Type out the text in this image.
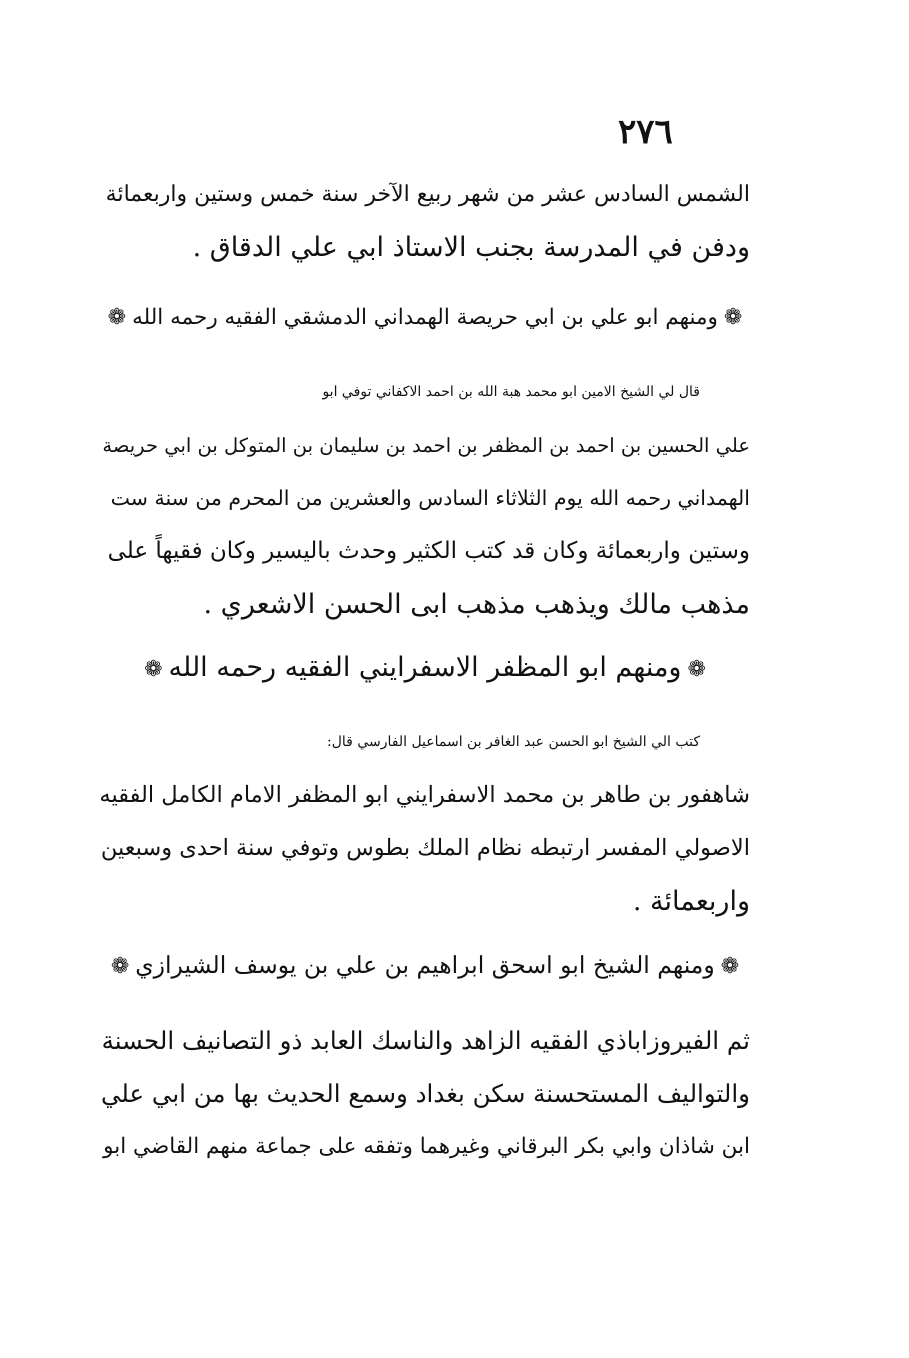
٢٧٦
الشمس السادس عشر من شهر ربيع الآخر سنة خمس وستين واربعمائة
ودفن في المدرسة بجنب الاستاذ ابي علي الدقاق .
❁ومنهم ابو علي بن ابي حريصة الهمداني الدمشقي الفقيه رحمه الله❁
قال لي الشيخ الامين ابو محمد هبة الله بن احمد الاكفاني توفي ابو
علي الحسين بن احمد بن المظفر بن احمد بن سليمان بن المتوكل بن ابي حريصة
الهمداني رحمه الله يوم الثلاثاء السادس والعشرين من المحرم من سنة ست
وستين واربعمائة وكان قد كتب الكثير وحدث باليسير وكان فقيهاً على
مذهب مالك ويذهب مذهب ابى الحسن الاشعري .
❁ومنهم ابو المظفر الاسفرايني الفقيه رحمه الله❁
كتب الي الشيخ ابو الحسن عبد الغافر بن اسماعيل الفارسي قال:
شاهفور بن طاهر بن محمد الاسفرايني ابو المظفر الامام الكامل الفقيه
الاصولي المفسر ارتبطه نظام الملك بطوس وتوفي سنة احدى وسبعين
واربعمائة .
❁ومنهم الشيخ ابو اسحق ابراهيم بن علي بن يوسف الشيرازي❁
ثم الفيروزاباذي الفقيه الزاهد والناسك العابد ذو التصانيف الحسنة
والتواليف المستحسنة سكن بغداد وسمع الحديث بها من ابي علي
ابن شاذان وابي بكر البرقاني وغيرهما وتفقه على جماعة منهم القاضي ابو
